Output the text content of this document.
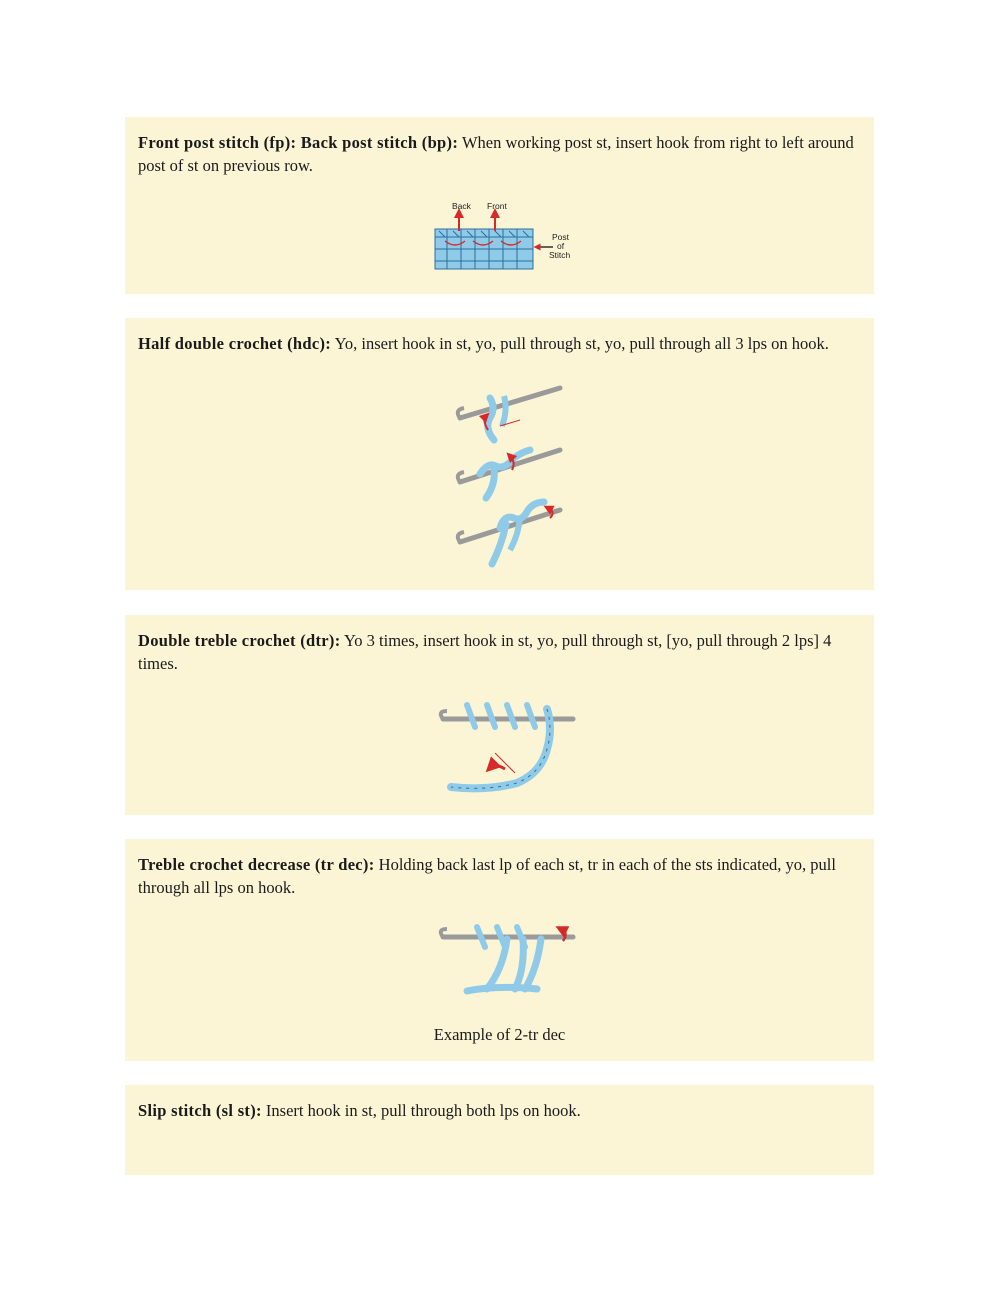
Front post stitch (fp): Back post stitch (bp): When working post st, insert hook from right to left around post of st on previous row.

Back Front
Post
of
Stitch

Half double crochet (hdc): Yo, insert hook in st, yo, pull through st, yo, pull through all 3 lps on hook.

Double treble crochet (dtr): Yo 3 times, insert hook in st, yo, pull through st, [yo, pull through 2 lps] 4 times.

Treble crochet decrease (tr dec): Holding back last lp of each st, tr in each of the sts indicated, yo, pull through all lps on hook.

Example of 2-tr dec

Slip stitch (sl st): Insert hook in st, pull through both lps on hook.
